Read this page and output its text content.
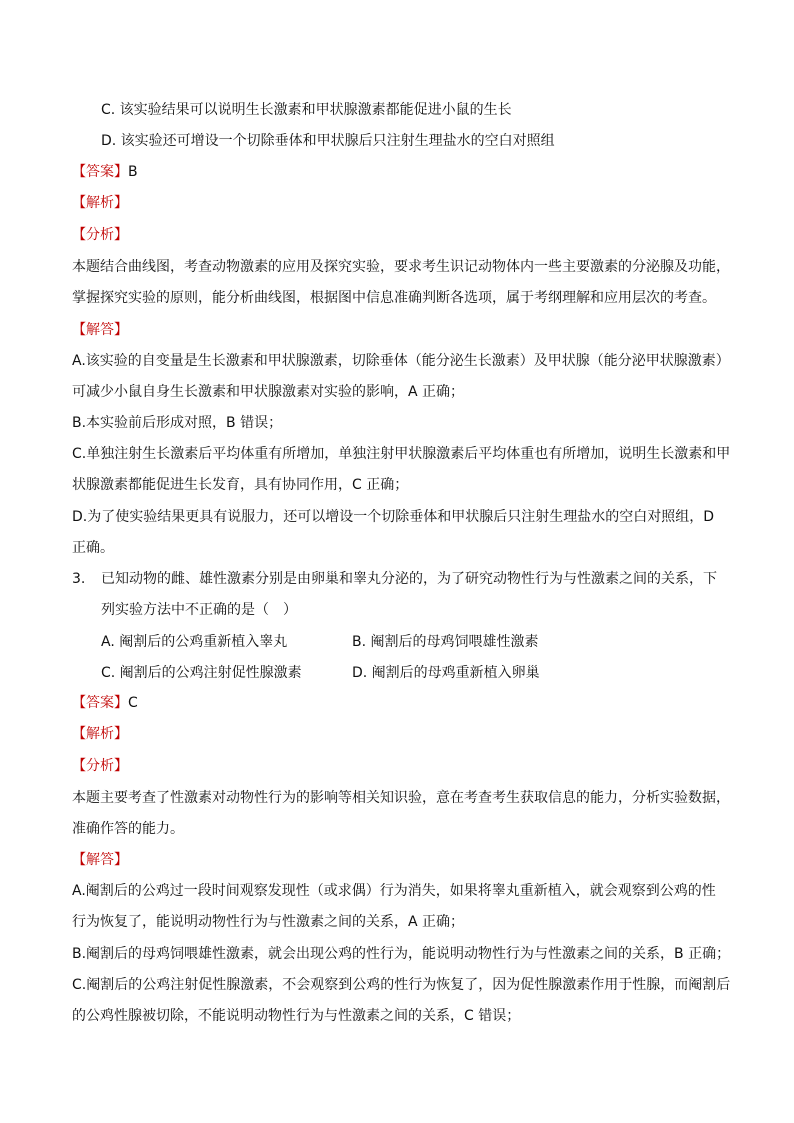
C. 该实验结果可以说明生长激素和甲状腺激素都能促进小鼠的生长
D. 该实验还可增设一个切除垂体和甲状腺后只注射生理盐水的空白对照组
【答案】B
【解析】
【分析】
本题结合曲线图，考查动物激素的应用及探究实验，要求考生识记动物体内一些主要激素的分泌腺及功能，
掌握探究实验的原则，能分析曲线图，根据图中信息准确判断各选项，属于考纲理解和应用层次的考查。
【解答】
A.该实验的自变量是生长激素和甲状腺激素，切除垂体（能分泌生长激素）及甲状腺（能分泌甲状腺激素）
可减少小鼠自身生长激素和甲状腺激素对实验的影响，A 正确；
B.本实验前后形成对照，B 错误；
C.单独注射生长激素后平均体重有所增加，单独注射甲状腺激素后平均体重也有所增加，说明生长激素和甲
状腺激素都能促进生长发育，具有协同作用，C 正确；
D.为了使实验结果更具有说服力，还可以增设一个切除垂体和甲状腺后只注射生理盐水的空白对照组，D
正确。
3. 已知动物的雌、雄性激素分别是由卵巢和睾丸分泌的，为了研究动物性行为与性激素之间的关系，下
列实验方法中不正确的是（　）
A. 阉割后的公鸡重新植入睾丸	B. 阉割后的母鸡饲喂雄性激素
C. 阉割后的公鸡注射促性腺激素	D. 阉割后的母鸡重新植入卵巢
【答案】C
【解析】
【分析】
本题主要考查了性激素对动物性行为的影响等相关知识验，意在考查考生获取信息的能力，分析实验数据，
准确作答的能力。
【解答】
A.阉割后的公鸡过一段时间观察发现性（或求偶）行为消失，如果将睾丸重新植入，就会观察到公鸡的性
行为恢复了，能说明动物性行为与性激素之间的关系，A 正确；
B.阉割后的母鸡饲喂雄性激素，就会出现公鸡的性行为，能说明动物性行为与性激素之间的关系，B 正确；
C.阉割后的公鸡注射促性腺激素，不会观察到公鸡的性行为恢复了，因为促性腺激素作用于性腺，而阉割后
的公鸡性腺被切除，不能说明动物性行为与性激素之间的关系，C 错误；
